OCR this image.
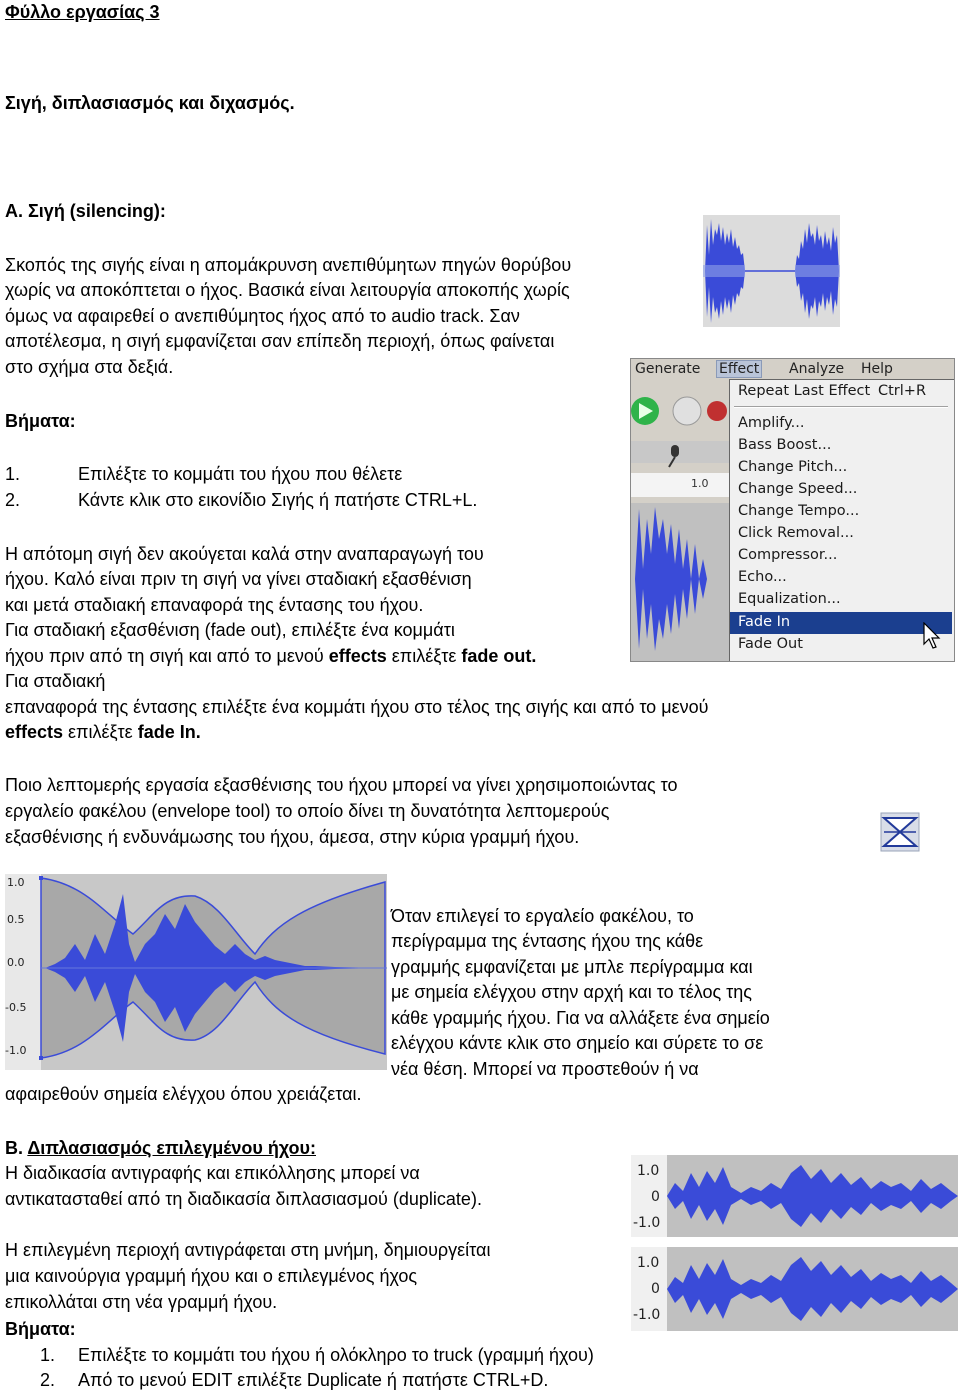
Φύλλο εργασίας 3
Σιγή, διπλασιασμός και διχασμός.
Α. Σιγή (silencing):
Σκοπός της σιγής είναι η απομάκρυνση ανεπιθύμητων πηγών θορύβου
χωρίς να αποκόπτεται ο ήχος. Βασικά είναι λειτουργία αποκοπής χωρίς
όμως να αφαιρεθεί ο ανεπιθύμητος ήχος από το audio track. Σαν
αποτέλεσμα, η σιγή εμφανίζεται σαν επίπεδη περιοχή, όπως φαίνεται
στο σχήμα στα δεξιά.
Βήματα:
1.	Επιλέξτε το κομμάτι του ήχου που θέλετε
2.	Κάντε κλικ στο εικονίδιο Σιγής ή πατήστε CTRL+L.
Η απότομη σιγή δεν ακούγεται καλά στην αναπαραγωγή του
ήχου. Καλό είναι πριν τη σιγή να γίνει σταδιακή εξασθένιση
και μετά σταδιακή επαναφορά της έντασης του ήχου.
Για σταδιακή εξασθένιση (fade out), επιλέξτε ένα κομμάτι
ήχου πριν από τη σιγή και από το μενού effects επιλέξτε fade out.
Για σταδιακή
επαναφορά της έντασης επιλέξτε ένα κομμάτι ήχου στο τέλος της σιγής και από το μενού
effects επιλέξτε fade In.
Ποιο λεπτομερής εργασία εξασθένισης του ήχου μπορεί να γίνει χρησιμοποιώντας το
εργαλείο φακέλου (envelope tool) το οποίο δίνει τη δυνατότητα λεπτομερούς
εξασθένισης ή ενδυνάμωσης του ήχου, άμεσα, στην κύρια γραμμή ήχου.
Όταν επιλεγεί το εργαλείο φακέλου, το
περίγραμμα της έντασης ήχου της κάθε
γραμμής εμφανίζεται με μπλε περίγραμμα και
με σημεία ελέγχου στην αρχή και το τέλος της
κάθε γραμμής ήχου. Για να αλλάξετε ένα σημείο
ελέγχου κάντε κλικ στο σημείο και σύρετε το σε
νέα θέση. Μπορεί να προστεθούν ή να
αφαιρεθούν σημεία ελέγχου όπου χρειάζεται.
1.0
Generate Effect Analyze Help
Repeat Last Effect Ctrl+R
Amplify...
Bass Boost...
Change Pitch...
Change Speed...
Change Tempo...
Click Removal...
Compressor...
Echo...
Equalization...
Fade In
Fade Out
1.0
0.5
0.0
-0.5
-1.0
Β. Διπλασιασμός επιλεγμένου ήχου:
Η διαδικασία αντιγραφής και επικόλλησης μπορεί να
αντικατασταθεί από τη διαδικασία διπλασιασμού (duplicate).
Η επιλεγμένη περιοχή αντιγράφεται στη μνήμη, δημιουργείται
μια καινούργια γραμμή ήχου και ο επιλεγμένος ήχος
επικολλάται στη νέα γραμμή ήχου.
Βήματα:
1. Επιλέξτε το κομμάτι του ήχου ή ολόκληρο το truck (γραμμή ήχου)
2. Από το μενού EDIT επιλέξτε Duplicate ή πατήστε CTRL+D.
1.0
0
-1.0
1.0
0
-1.0
